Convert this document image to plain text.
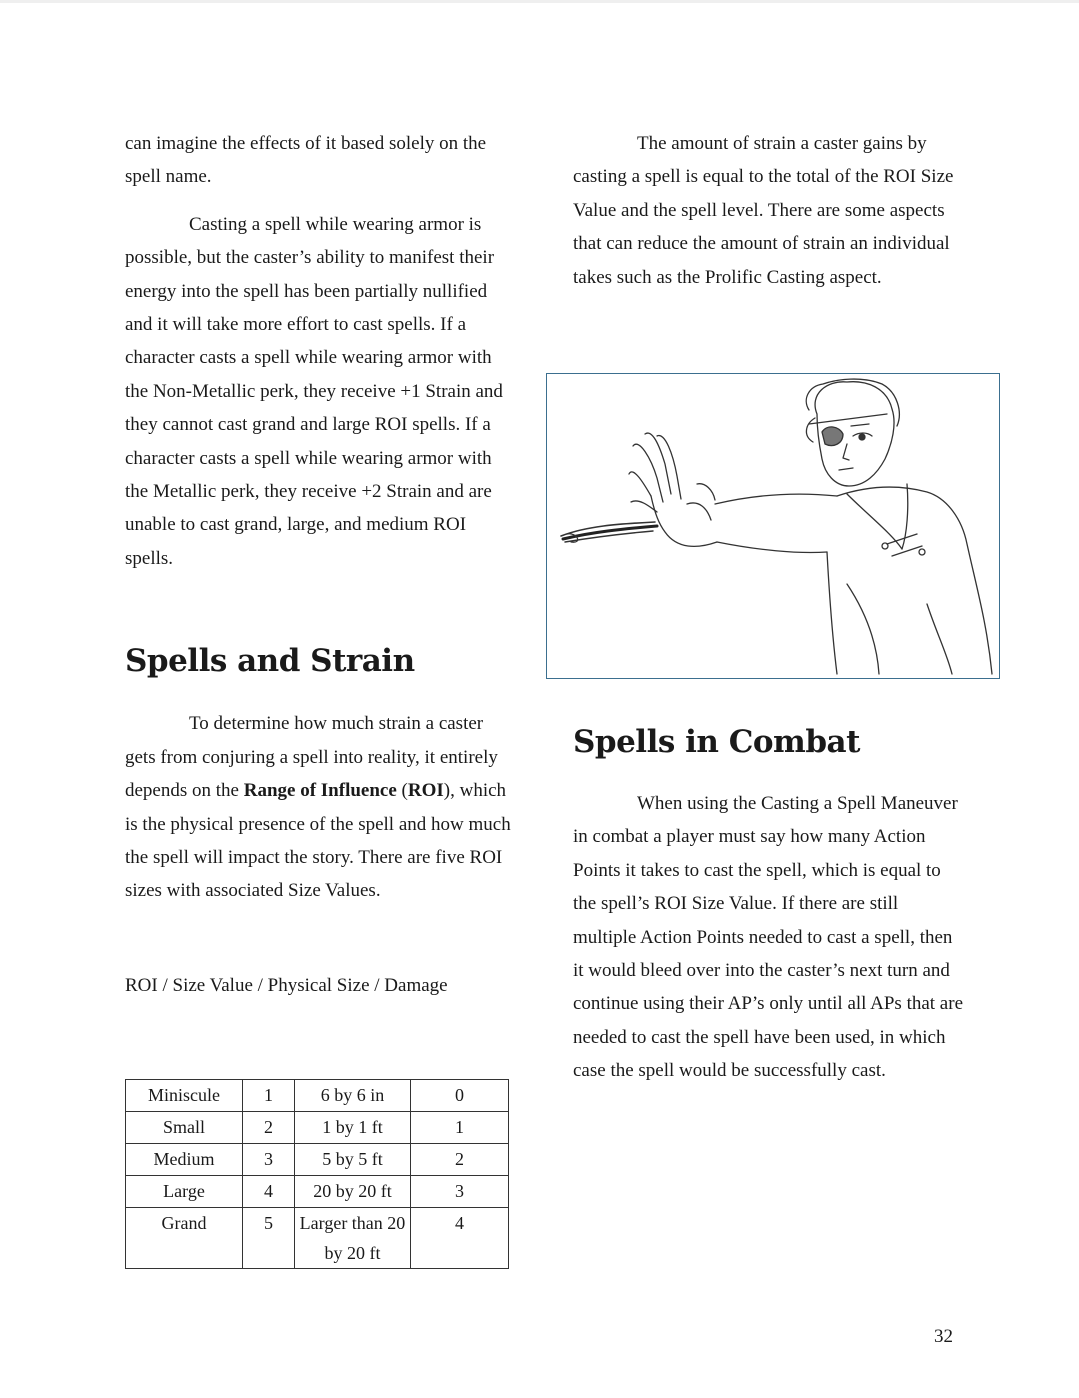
can imagine the effects of it based solely on the spell name.

Casting a spell while wearing armor is possible, but the caster’s ability to manifest their energy into the spell has been partially nullified and it will take more effort to cast spells. If a character casts a spell while wearing armor with the Non-Metallic perk, they receive +1 Strain and they cannot cast grand and large ROI spells. If a character casts a spell while wearing armor with the Metallic perk, they receive +2 Strain and are unable to cast grand, large, and medium ROI spells.

Spells and Strain

To determine how much strain a caster gets from conjuring a spell into reality, it entirely depends on the Range of Influence (ROI), which is the physical presence of the spell and how much the spell will impact the story. There are five ROI sizes with associated Size Values.

ROI / Size Value / Physical Size / Damage

Miniscule	1	6 by 6 in	0
Small	2	1 by 1 ft	1
Medium	3	5 by 5 ft	2
Large	4	20 by 20 ft	3
Grand	5	Larger than 20 by 20 ft	4

The amount of strain a caster gains by casting a spell is equal to the total of the ROI Size Value and the spell level. There are some aspects that can reduce the amount of strain an individual takes such as the Prolific Casting aspect.

Spells in Combat

When using the Casting a Spell Maneuver in combat a player must say how many Action Points it takes to cast the spell, which is equal to the spell’s ROI Size Value. If there are still multiple Action Points needed to cast a spell, then it would bleed over into the caster’s next turn and continue using their AP’s only until all APs that are needed to cast the spell have been used, in which case the spell would be successfully cast.

32
